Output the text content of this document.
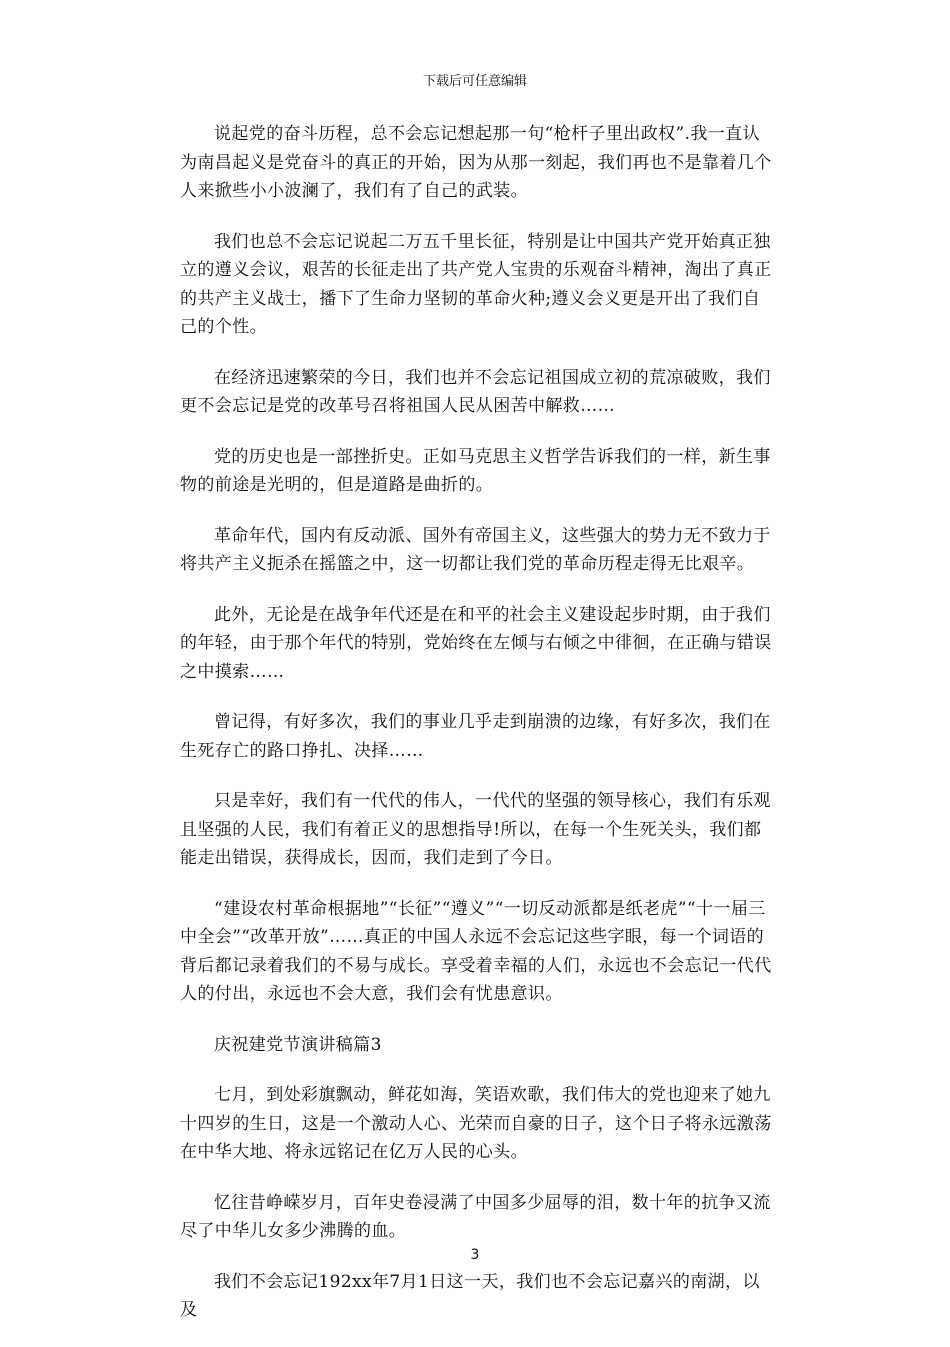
下载后可任意编辑

说起党的奋斗历程，总不会忘记想起那一句“枪杆子里出政权”.我一直认为南昌起义是党奋斗的真正的开始，因为从那一刻起，我们再也不是靠着几个人来掀些小小波澜了，我们有了自己的武装。

我们也总不会忘记说起二万五千里长征，特别是让中国共产党开始真正独立的遵义会议，艰苦的长征走出了共产党人宝贵的乐观奋斗精神，淘出了真正的共产主义战士，播下了生命力坚韧的革命火种;遵义会义更是开出了我们自己的个性。

在经济迅速繁荣的今日，我们也并不会忘记祖国成立初的荒凉破败，我们更不会忘记是党的改革号召将祖国人民从困苦中解救……

党的历史也是一部挫折史。正如马克思主义哲学告诉我们的一样，新生事物的前途是光明的，但是道路是曲折的。

革命年代，国内有反动派、国外有帝国主义，这些强大的势力无不致力于将共产主义扼杀在摇篮之中，这一切都让我们党的革命历程走得无比艰辛。

此外，无论是在战争年代还是在和平的社会主义建设起步时期，由于我们的年轻，由于那个年代的特别，党始终在左倾与右倾之中徘徊，在正确与错误之中摸索……

曾记得，有好多次，我们的事业几乎走到崩溃的边缘，有好多次，我们在生死存亡的路口挣扎、决择……

只是幸好，我们有一代代的伟人，一代代的坚强的领导核心，我们有乐观且坚强的人民，我们有着正义的思想指导!所以，在每一个生死关头，我们都能走出错误，获得成长，因而，我们走到了今日。

“建设农村革命根据地”“长征”“遵义”“一切反动派都是纸老虎”“十一届三中全会”“改革开放”……真正的中国人永远不会忘记这些字眼，每一个词语的背后都记录着我们的不易与成长。享受着幸福的人们，永远也不会忘记一代代人的付出，永远也不会大意，我们会有忧患意识。

庆祝建党节演讲稿篇3

七月，到处彩旗飘动，鲜花如海，笑语欢歌，我们伟大的党也迎来了她九十四岁的生日，这是一个激动人心、光荣而自豪的日子，这个日子将永远激荡在中华大地、将永远铭记在亿万人民的心头。

忆往昔峥嵘岁月，百年史卷浸满了中国多少屈辱的泪，数十年的抗争又流尽了中华儿女多少沸腾的血。

我们不会忘记192xx年7月1日这一天，我们也不会忘记嘉兴的南湖，以及

3
